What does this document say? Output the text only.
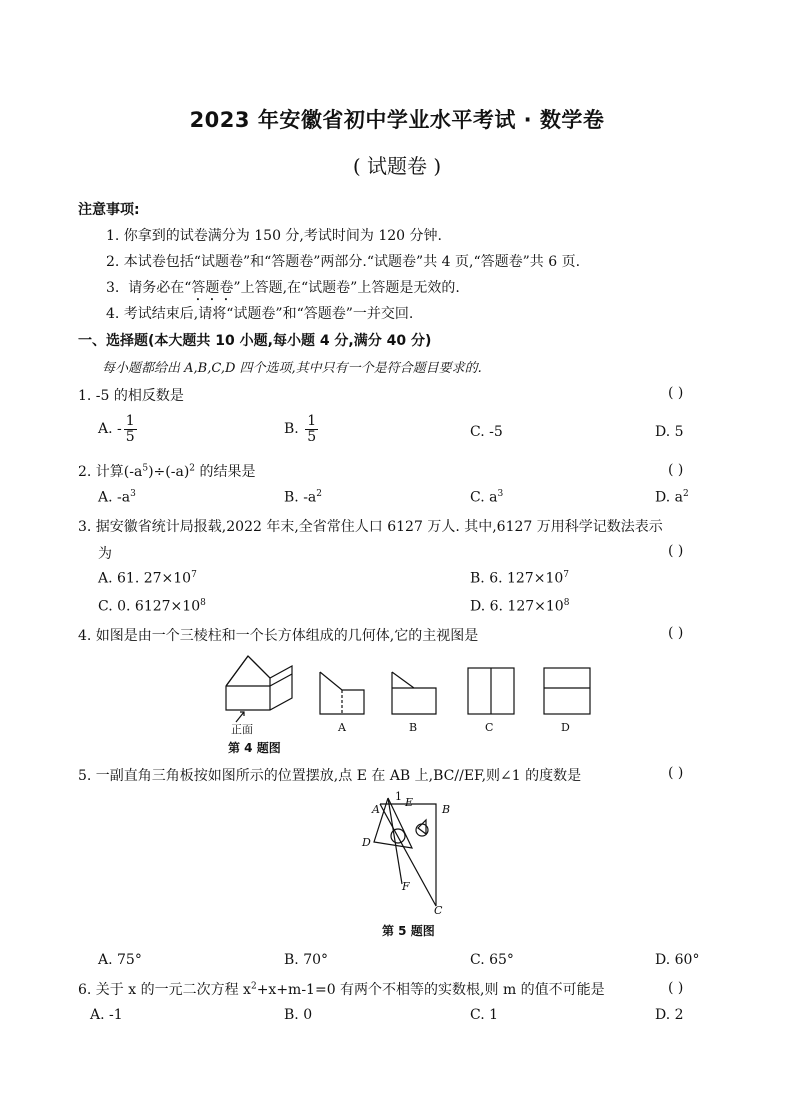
2023 年安徽省初中学业水平考试 · 数学卷
( 试题卷 )
注意事项:
1. 你拿到的试卷满分为 150 分,考试时间为 120 分钟.
2. 本试卷包括“试题卷”和“答题卷”两部分.“试题卷”共 4 页,“答题卷”共 6 页.
3.  请务必在“答题卷”上答题,在“试题卷”上答题是无效的.
4. 考试结束后,请将“试题卷”和“答题卷”一并交回.
一、选择题(本大题共 10 小题,每小题 4 分,满分 40 分)
每小题都给出 A,B,C,D 四个选项,其中只有一个是符合题目要求的.
1. -5 的相反数是	( )
A. - $\frac{1}{5}$	B. $\frac{1}{5}$	C. -5	D. 5
2. 计算$(-a^5)\div(-a)^2$ 的结果是	( )
A. $-a^3$	B. $-a^2$	C. $a^3$	D. $a^2$
3. 据安徽省统计局报载,2022 年末,全省常住人口 6127 万人. 其中,6127 万用科学记数法表示
为	( )
A. 61. $27\times 10^7$	B. 6. $127\times 10^7$
C. 0. $6127\times 10^8$	D. 6. $127\times 10^8$
4. 如图是由一个三棱柱和一个长方体组成的几何体,它的主视图是	( )
正面	A	B	C	D
第 4 题图
5. 一副直角三角板按如图所示的位置摆放,点 E 在 AB 上,BC//EF,则∠1 的度数是	( )
1
A
E
B
D
F
C
第 5 题图
A. 75°	B. 70°	C. 65°	D. 60°
6. 关于 x 的一元二次方程 $x^2+x+m-1=0$ 有两个不相等的实数根,则 m 的值不可能是	( )
A. -1	B. 0	C. 1	D. 2
